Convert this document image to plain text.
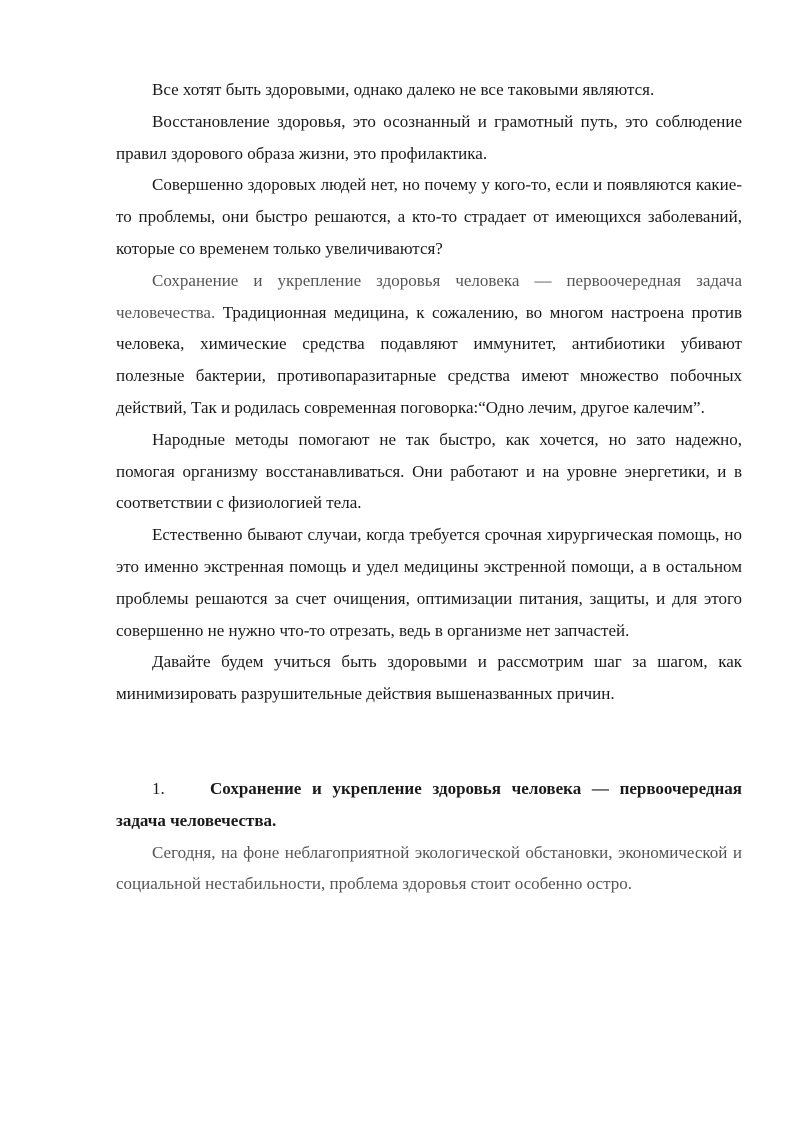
Все хотят быть здоровыми, однако далеко не все таковыми являются.

Восстановление здоровья, это осознанный и грамотный путь, это соблюдение правил здорового образа жизни, это профилактика.

Совершенно здоровых людей нет, но почему у кого-то, если и появляются какие-то проблемы, они быстро решаются, а кто-то страдает от имеющихся заболеваний, которые со временем только увеличиваются?

Сохранение и укрепление здоровья человека — первоочередная задача человечества. Традиционная медицина, к сожалению, во многом настроена против человека, химические средства подавляют иммунитет, антибиотики убивают полезные бактерии, противопаразитарные средства имеют множество побочных действий, Так и родилась современная поговорка:“Одно лечим, другое калечим”.

Народные методы помогают не так быстро, как хочется, но зато надежно, помогая организму восстанавливаться. Они работают и на уровне энергетики, и в соответствии с физиологией тела.

Естественно бывают случаи, когда требуется срочная хирургическая помощь, но это именно экстренная помощь и удел медицины экстренной помощи, а в остальном проблемы решаются за счет очищения, оптимизации питания, защиты, и для этого совершенно не нужно что-то отрезать, ведь в организме нет запчастей.

Давайте будем учиться быть здоровыми и рассмотрим шаг за шагом, как минимизировать разрушительные действия вышеназванных причин.

1.	Сохранение и укрепление здоровья человека — первоочередная задача человечества.

Сегодня, на фоне неблагоприятной экологической обстановки, экономической и социальной нестабильности, проблема здоровья стоит особенно остро.
